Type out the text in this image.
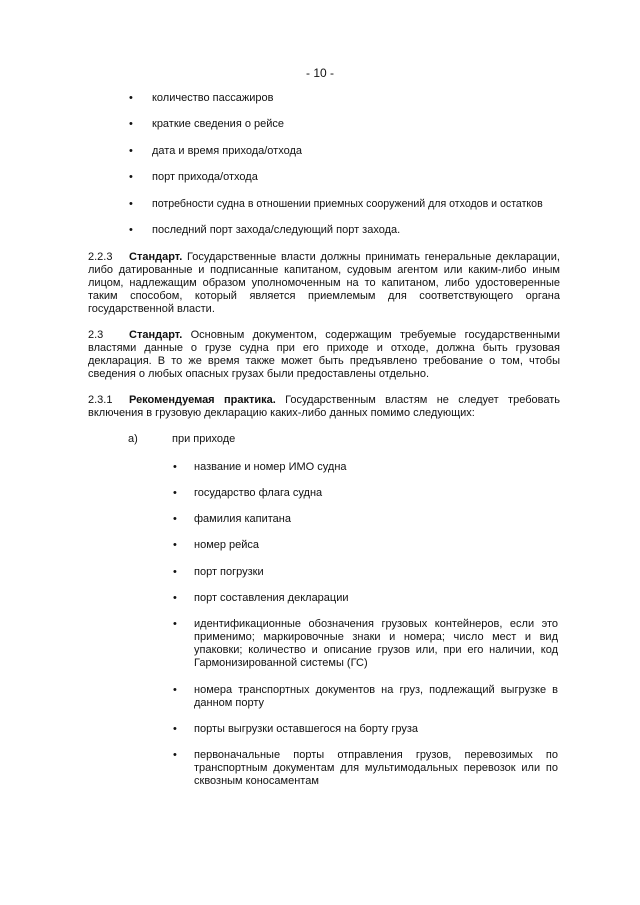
- 10 -
• количество пассажиров
• краткие сведения о рейсе
• дата и время прихода/отхода
• порт прихода/отхода
• потребности судна в отношении приемных сооружений для отходов и остатков
• последний порт захода/следующий порт захода.
2.2.3 Стандарт. Государственные власти должны принимать генеральные декларации, либо датированные и подписанные капитаном, судовым агентом или каким-либо иным лицом, надлежащим образом уполномоченным на то капитаном, либо удостоверенные таким способом, который является приемлемым для соответствующего органа государственной власти.
2.3 Стандарт. Основным документом, содержащим требуемые государственными властями данные о грузе судна при его приходе и отходе, должна быть грузовая декларация. В то же время также может быть предъявлено требование о том, чтобы сведения о любых опасных грузах были предоставлены отдельно.
2.3.1 Рекомендуемая практика. Государственным властям не следует требовать включения в грузовую декларацию каких-либо данных помимо следующих:
а)	при приходе
• название и номер ИМО судна
• государство флага судна
• фамилия капитана
• номер рейса
• порт погрузки
• порт составления декларации
• идентификационные обозначения грузовых контейнеров, если это применимо; маркировочные знаки и номера; число мест и вид упаковки; количество и описание грузов или, при его наличии, код Гармонизированной системы (ГС)
• номера транспортных документов на груз, подлежащий выгрузке в данном порту
• порты выгрузки оставшегося на борту груза
• первоначальные порты отправления грузов, перевозимых по транспортным документам для мультимодальных перевозок или по сквозным коносаментам
